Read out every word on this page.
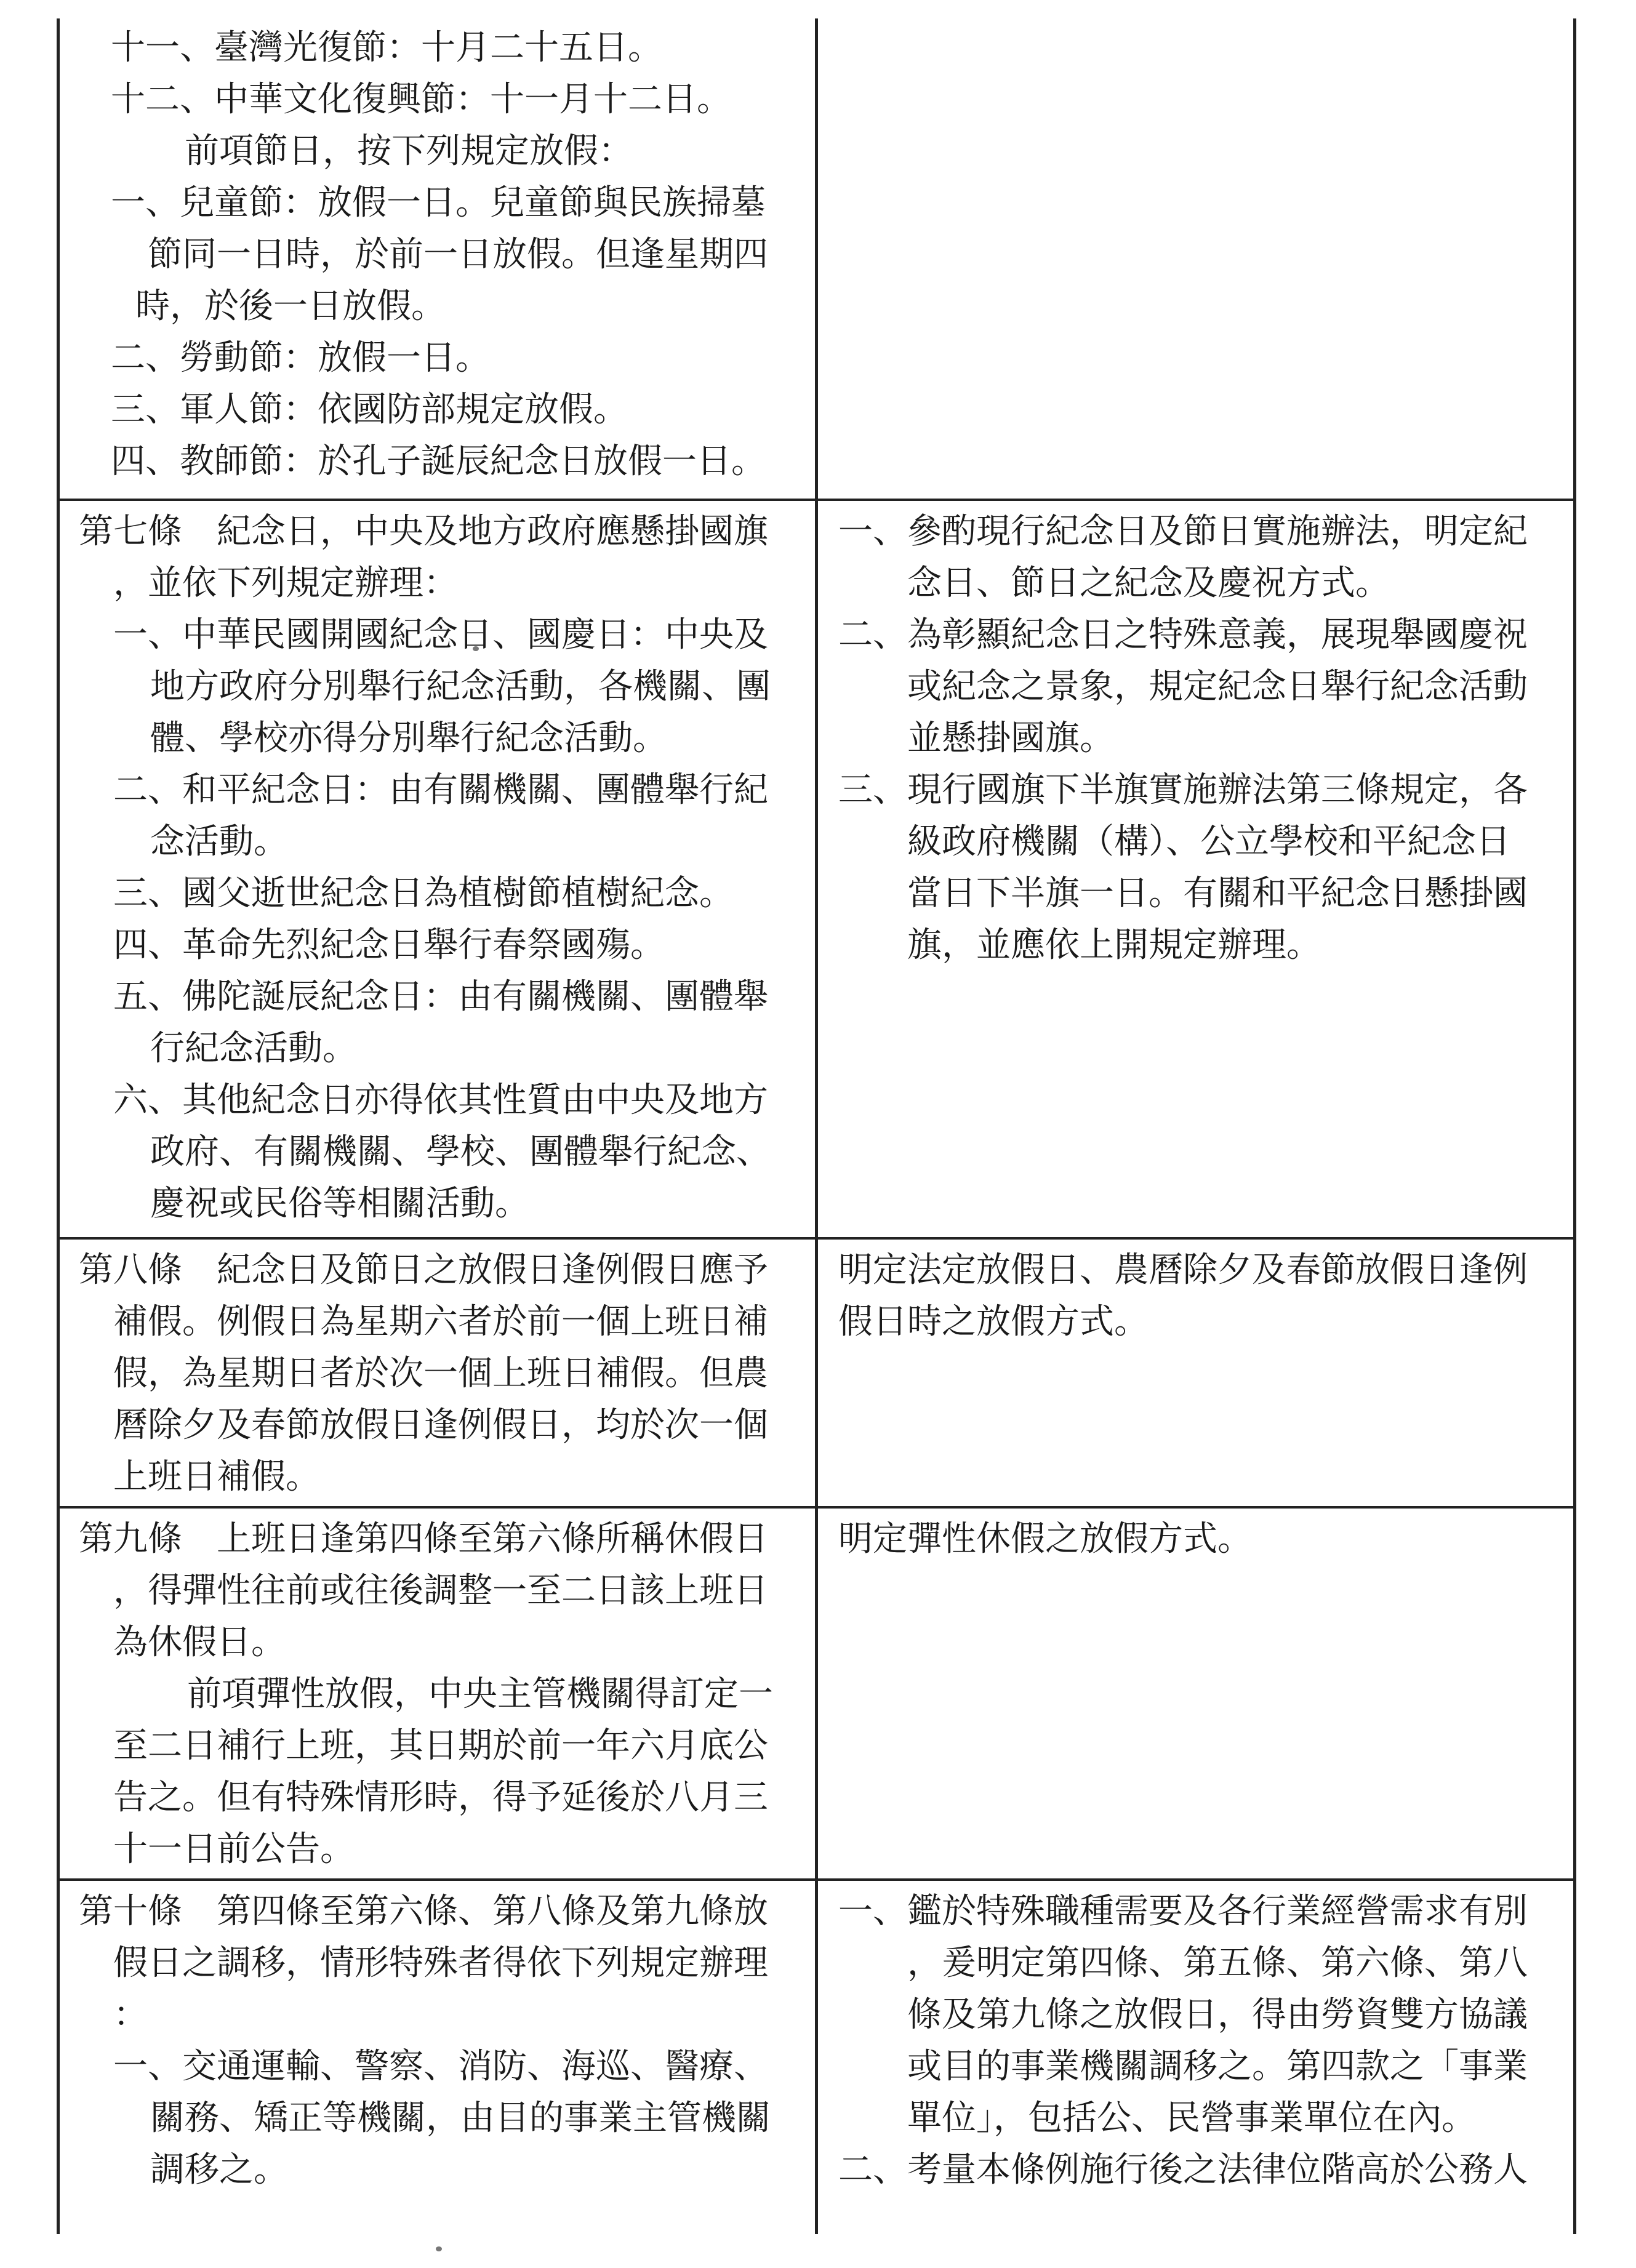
十一、臺灣光復節：十月二十五日。
十二、中華文化復興節：十一月十二日。
前項節日，按下列規定放假：
一、兒童節：放假一日。兒童節與民族掃墓
節同一日時，於前一日放假。但逢星期四
時，於後一日放假。
二、勞動節：放假一日。
三、軍人節：依國防部規定放假。
四、教師節：於孔子誕辰紀念日放假一日。
第七條 紀念日，中央及地方政府應懸掛國旗
，並依下列規定辦理：
一、中華民國開國紀念日、國慶日：中央及
地方政府分別舉行紀念活動，各機關、團
體、學校亦得分別舉行紀念活動。
二、和平紀念日：由有關機關、團體舉行紀
念活動。
三、國父逝世紀念日為植樹節植樹紀念。
四、革命先烈紀念日舉行春祭國殤。
五、佛陀誕辰紀念日：由有關機關、團體舉
行紀念活動。
六、其他紀念日亦得依其性質由中央及地方
政府、有關機關、學校、團體舉行紀念、
慶祝或民俗等相關活動。
一、參酌現行紀念日及節日實施辦法，明定紀
念日、節日之紀念及慶祝方式。
二、為彰顯紀念日之特殊意義，展現舉國慶祝
或紀念之景象，規定紀念日舉行紀念活動
並懸掛國旗。
三、現行國旗下半旗實施辦法第三條規定，各
級政府機關（構）、公立學校和平紀念日
當日下半旗一日。有關和平紀念日懸掛國
旗，並應依上開規定辦理。
第八條 紀念日及節日之放假日逢例假日應予
補假。例假日為星期六者於前一個上班日補
假，為星期日者於次一個上班日補假。但農
曆除夕及春節放假日逢例假日，均於次一個
上班日補假。
明定法定放假日、農曆除夕及春節放假日逢例
假日時之放假方式。
第九條 上班日逢第四條至第六條所稱休假日
，得彈性往前或往後調整一至二日該上班日
為休假日。
前項彈性放假，中央主管機關得訂定一
至二日補行上班，其日期於前一年六月底公
告之。但有特殊情形時，得予延後於八月三
十一日前公告。
明定彈性休假之放假方式。
第十條 第四條至第六條、第八條及第九條放
假日之調移，情形特殊者得依下列規定辦理
：
一、交通運輸、警察、消防、海巡、醫療、
關務、矯正等機關，由目的事業主管機關
調移之。
一、鑑於特殊職種需要及各行業經營需求有別
，爰明定第四條、第五條、第六條、第八
條及第九條之放假日，得由勞資雙方協議
或目的事業機關調移之。第四款之「事業
單位」，包括公、民營事業單位在內。
二、考量本條例施行後之法律位階高於公務人
